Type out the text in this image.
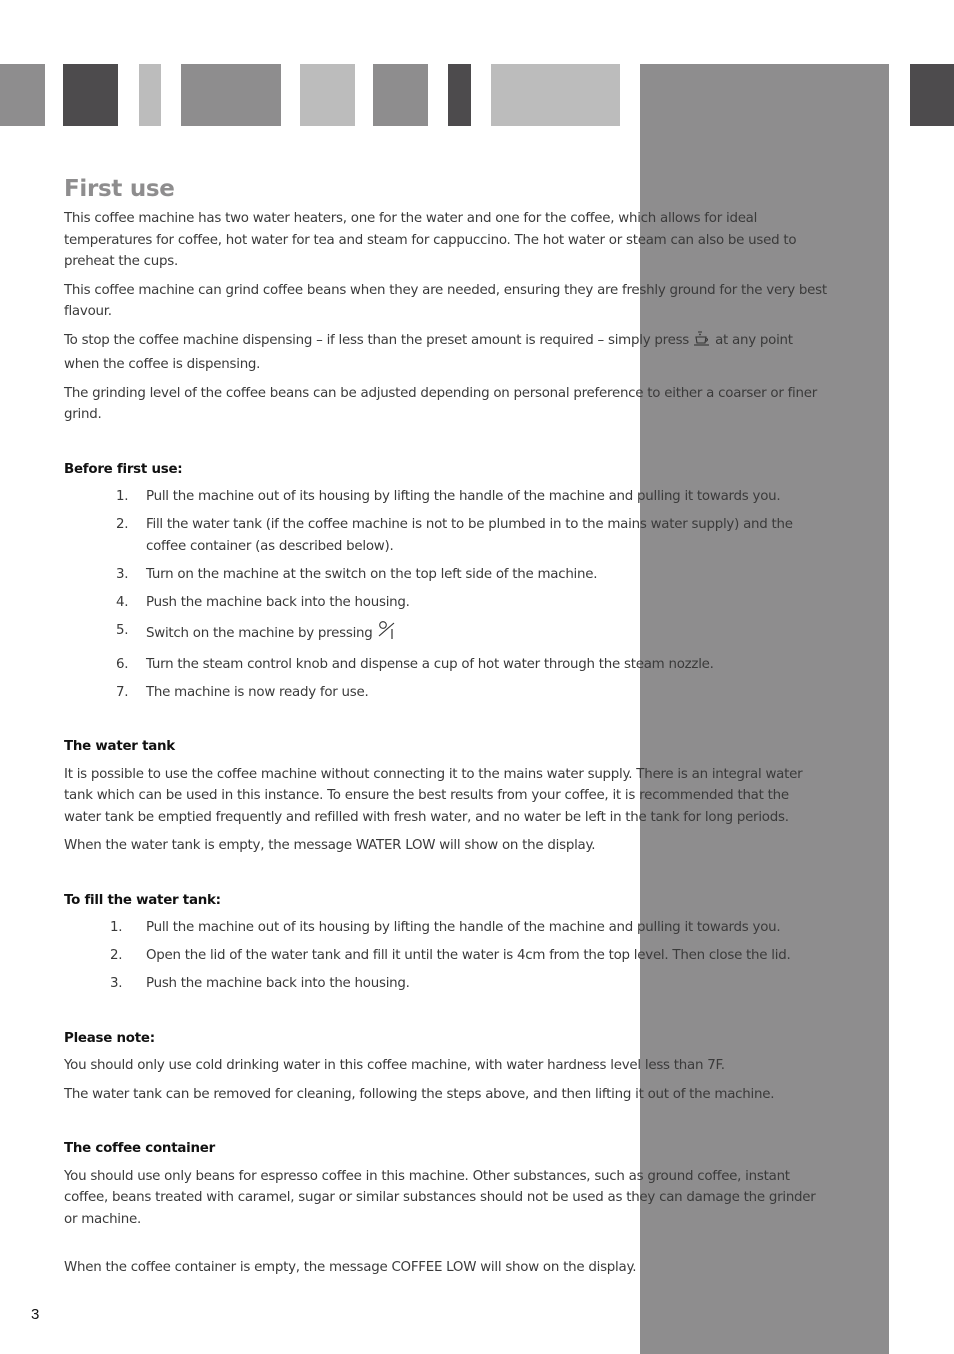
First use

This coffee machine has two water heaters, one for the water and one for the coffee, which allows for ideal temperatures for coffee, hot water for tea and steam for cappuccino. The hot water or steam can also be used to preheat the cups.

This coffee machine can grind coffee beans when they are needed, ensuring they are freshly ground for the very best flavour.

To stop the coffee machine dispensing – if less than the preset amount is required – simply press at any point when the coffee is dispensing.

The grinding level of the coffee beans can be adjusted depending on personal preference to either a coarser or finer grind.

Before first use:
1. Pull the machine out of its housing by lifting the handle of the machine and pulling it towards you.
2. Fill the water tank (if the coffee machine is not to be plumbed in to the mains water supply) and the coffee container (as described below).
3. Turn on the machine at the switch on the top left side of the machine.
4. Push the machine back into the housing.
5. Switch on the machine by pressing
6. Turn the steam control knob and dispense a cup of hot water through the steam nozzle.
7. The machine is now ready for use.
The water tank

It is possible to use the coffee machine without connecting it to the mains water supply. There is an integral water tank which can be used in this instance. To ensure the best results from your coffee, it is recommended that the water tank be emptied frequently and refilled with fresh water, and no water be left in the tank for long periods.

When the water tank is empty, the message WATER LOW will show on the display.

To fill the water tank:
1. Pull the machine out of its housing by lifting the handle of the machine and pulling it towards you.
2. Open the lid of the water tank and fill it until the water is 4cm from the top level. Then close the lid.
3. Push the machine back into the housing.
Please note:

You should only use cold drinking water in this coffee machine, with water hardness level less than 7F.

The water tank can be removed for cleaning, following the steps above, and then lifting it out of the machine.

The coffee container

You should use only beans for espresso coffee in this machine. Other substances, such as ground coffee, instant coffee, beans treated with caramel, sugar or similar substances should not be used as they can damage the grinder or machine.

When the coffee container is empty, the message COFFEE LOW will show on the display.

3
